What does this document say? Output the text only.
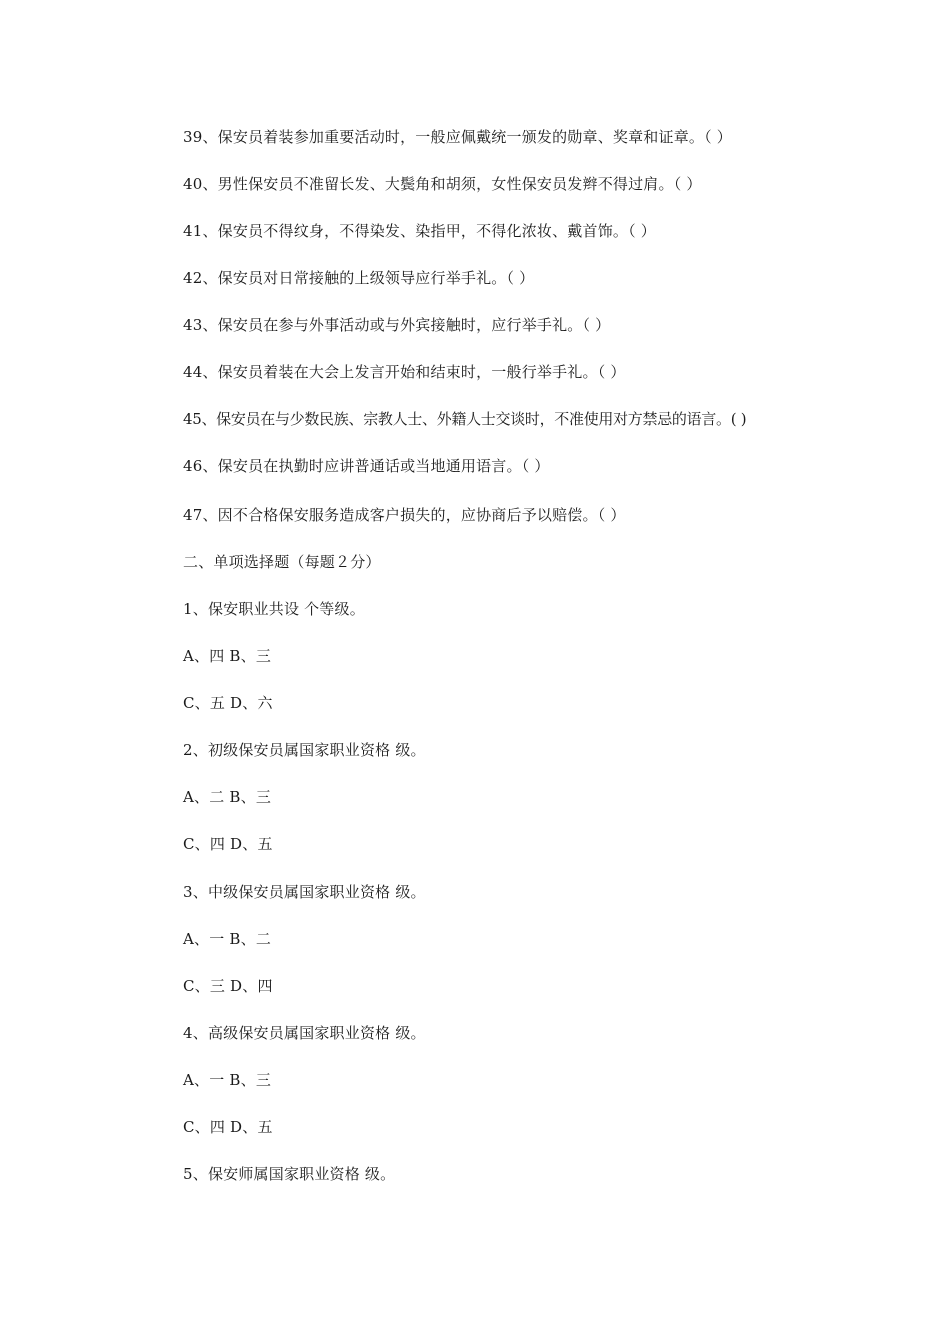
39、保安员着装参加重要活动时，一般应佩戴统一颁发的勋章、奖章和证章。（ ）
40、男性保安员不准留长发、大鬓角和胡须，女性保安员发辫不得过肩。（ ）
41、保安员不得纹身，不得染发、染指甲，不得化浓妆、戴首饰。（ ）
42、保安员对日常接触的上级领导应行举手礼。（ ）
43、保安员在参与外事活动或与外宾接触时，应行举手礼。（ ）
44、保安员着装在大会上发言开始和结束时，一般行举手礼。（ ）
45、保安员在与少数民族、宗教人士、外籍人士交谈时，不准使用对方禁忌的语言。( )
46、保安员在执勤时应讲普通话或当地通用语言。（ ）
47、因不合格保安服务造成客户损失的，应协商后予以赔偿。（ ）
二、单项选择题（每题２分）
1、保安职业共设 个等级。
A、四 B、三
C、五 D、六
2、初级保安员属国家职业资格 级。
A、二 B、三
C、四 D、五
3、中级保安员属国家职业资格 级。
A、一 B、二
C、三 D、四
4、高级保安员属国家职业资格 级。
A、一 B、三
C、四 D、五
5、保安师属国家职业资格 级。
